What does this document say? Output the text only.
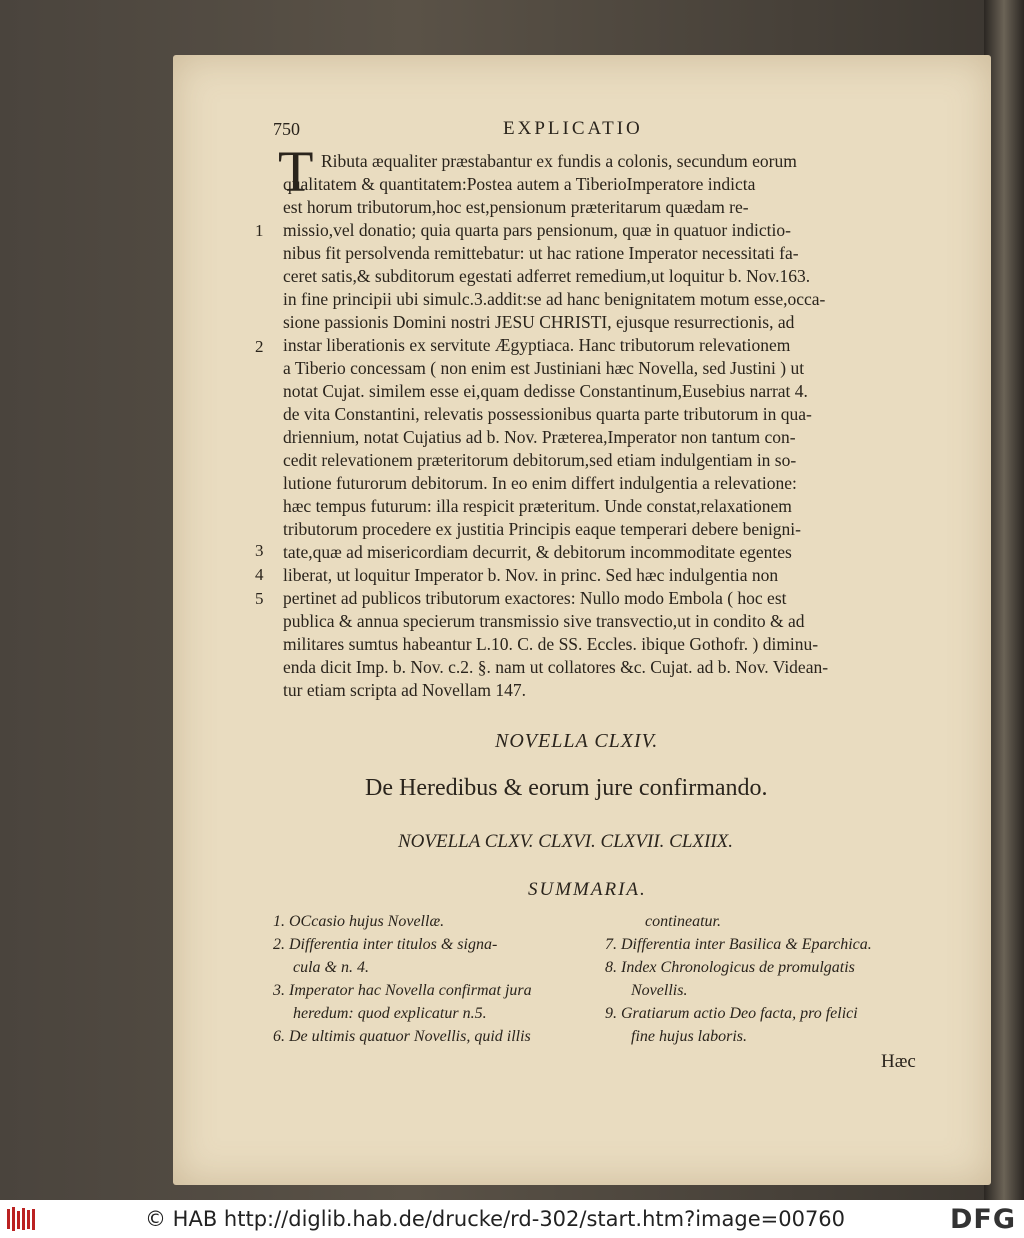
750	EXPLICATIO
T Ributa æqualiter præstabantur ex fundis a colonis, secundum eorum
qualitatem & quantitatem:Postea autem a TiberioImperatore indicta
est horum tributorum,hoc est,pensionum præteritarum quædam re-
missio,vel donatio; quia quarta pars pensionum, quæ in quatuor indictio-
nibus fit persolvenda remittebatur: ut hac ratione Imperator necessitati fa-
ceret satis,& subditorum egestati adferret remedium,ut loquitur b. Nov.163.
in fine principii ubi simulc.3.addit:se ad hanc benignitatem motum esse,occa-
sione passionis Domini nostri JESU CHRISTI, ejusque resurrectionis, ad
instar liberationis ex servitute Ægyptiaca. Hanc tributorum relevationem
a Tiberio concessam ( non enim est Justiniani hæc Novella, sed Justini ) ut
notat Cujat. similem esse ei,quam dedisse Constantinum,Eusebius narrat 4.
de vita Constantini, relevatis possessionibus quarta parte tributorum in qua-
driennium, notat Cujatius ad b. Nov. Præterea,Imperator non tantum con-
cedit relevationem præteritorum debitorum,sed etiam indulgentiam in so-
lutione futurorum debitorum. In eo enim differt indulgentia a relevatione:
hæc tempus futurum: illa respicit præteritum. Unde constat,relaxationem
tributorum procedere ex justitia Principis eaque temperari debere benigni-
tate,quæ ad misericordiam decurrit, & debitorum incommoditate egentes
liberat, ut loquitur Imperator b. Nov. in princ. Sed hæc indulgentia non
pertinet ad publicos tributorum exactores: Nullo modo Embola ( hoc est
publica & annua specierum transmissio sive transvectio,ut in condito & ad
militares sumtus habeantur L.10. C. de SS. Eccles. ibique Gothofr. ) diminu-
enda dicit Imp. b. Nov. c.2. §. nam ut collatores &c. Cujat. ad b. Nov. Videan-
tur etiam scripta ad Novellam 147.
1
2
3
4
5
NOVELLA CLXIV.
De Heredibus & eorum jure confirmando.
NOVELLA CLXV. CLXVI. CLXVII. CLXIIX.
SUMMARIA.
1. OCcasio hujus Novellæ.
2. Differentia inter titulos & signa-
cula & n. 4.
3. Imperator hac Novella confirmat jura
heredum: quod explicatur n.5.
6. De ultimis quatuor Novellis, quid illis
contineatur.
7. Differentia inter Basilica & Eparchica.
8. Index Chronologicus de promulgatis
Novellis.
9. Gratiarum actio Deo facta, pro felici
fine hujus laboris.
Hæc
© HAB http://diglib.hab.de/drucke/rd-302/start.htm?image=00760	DFG
